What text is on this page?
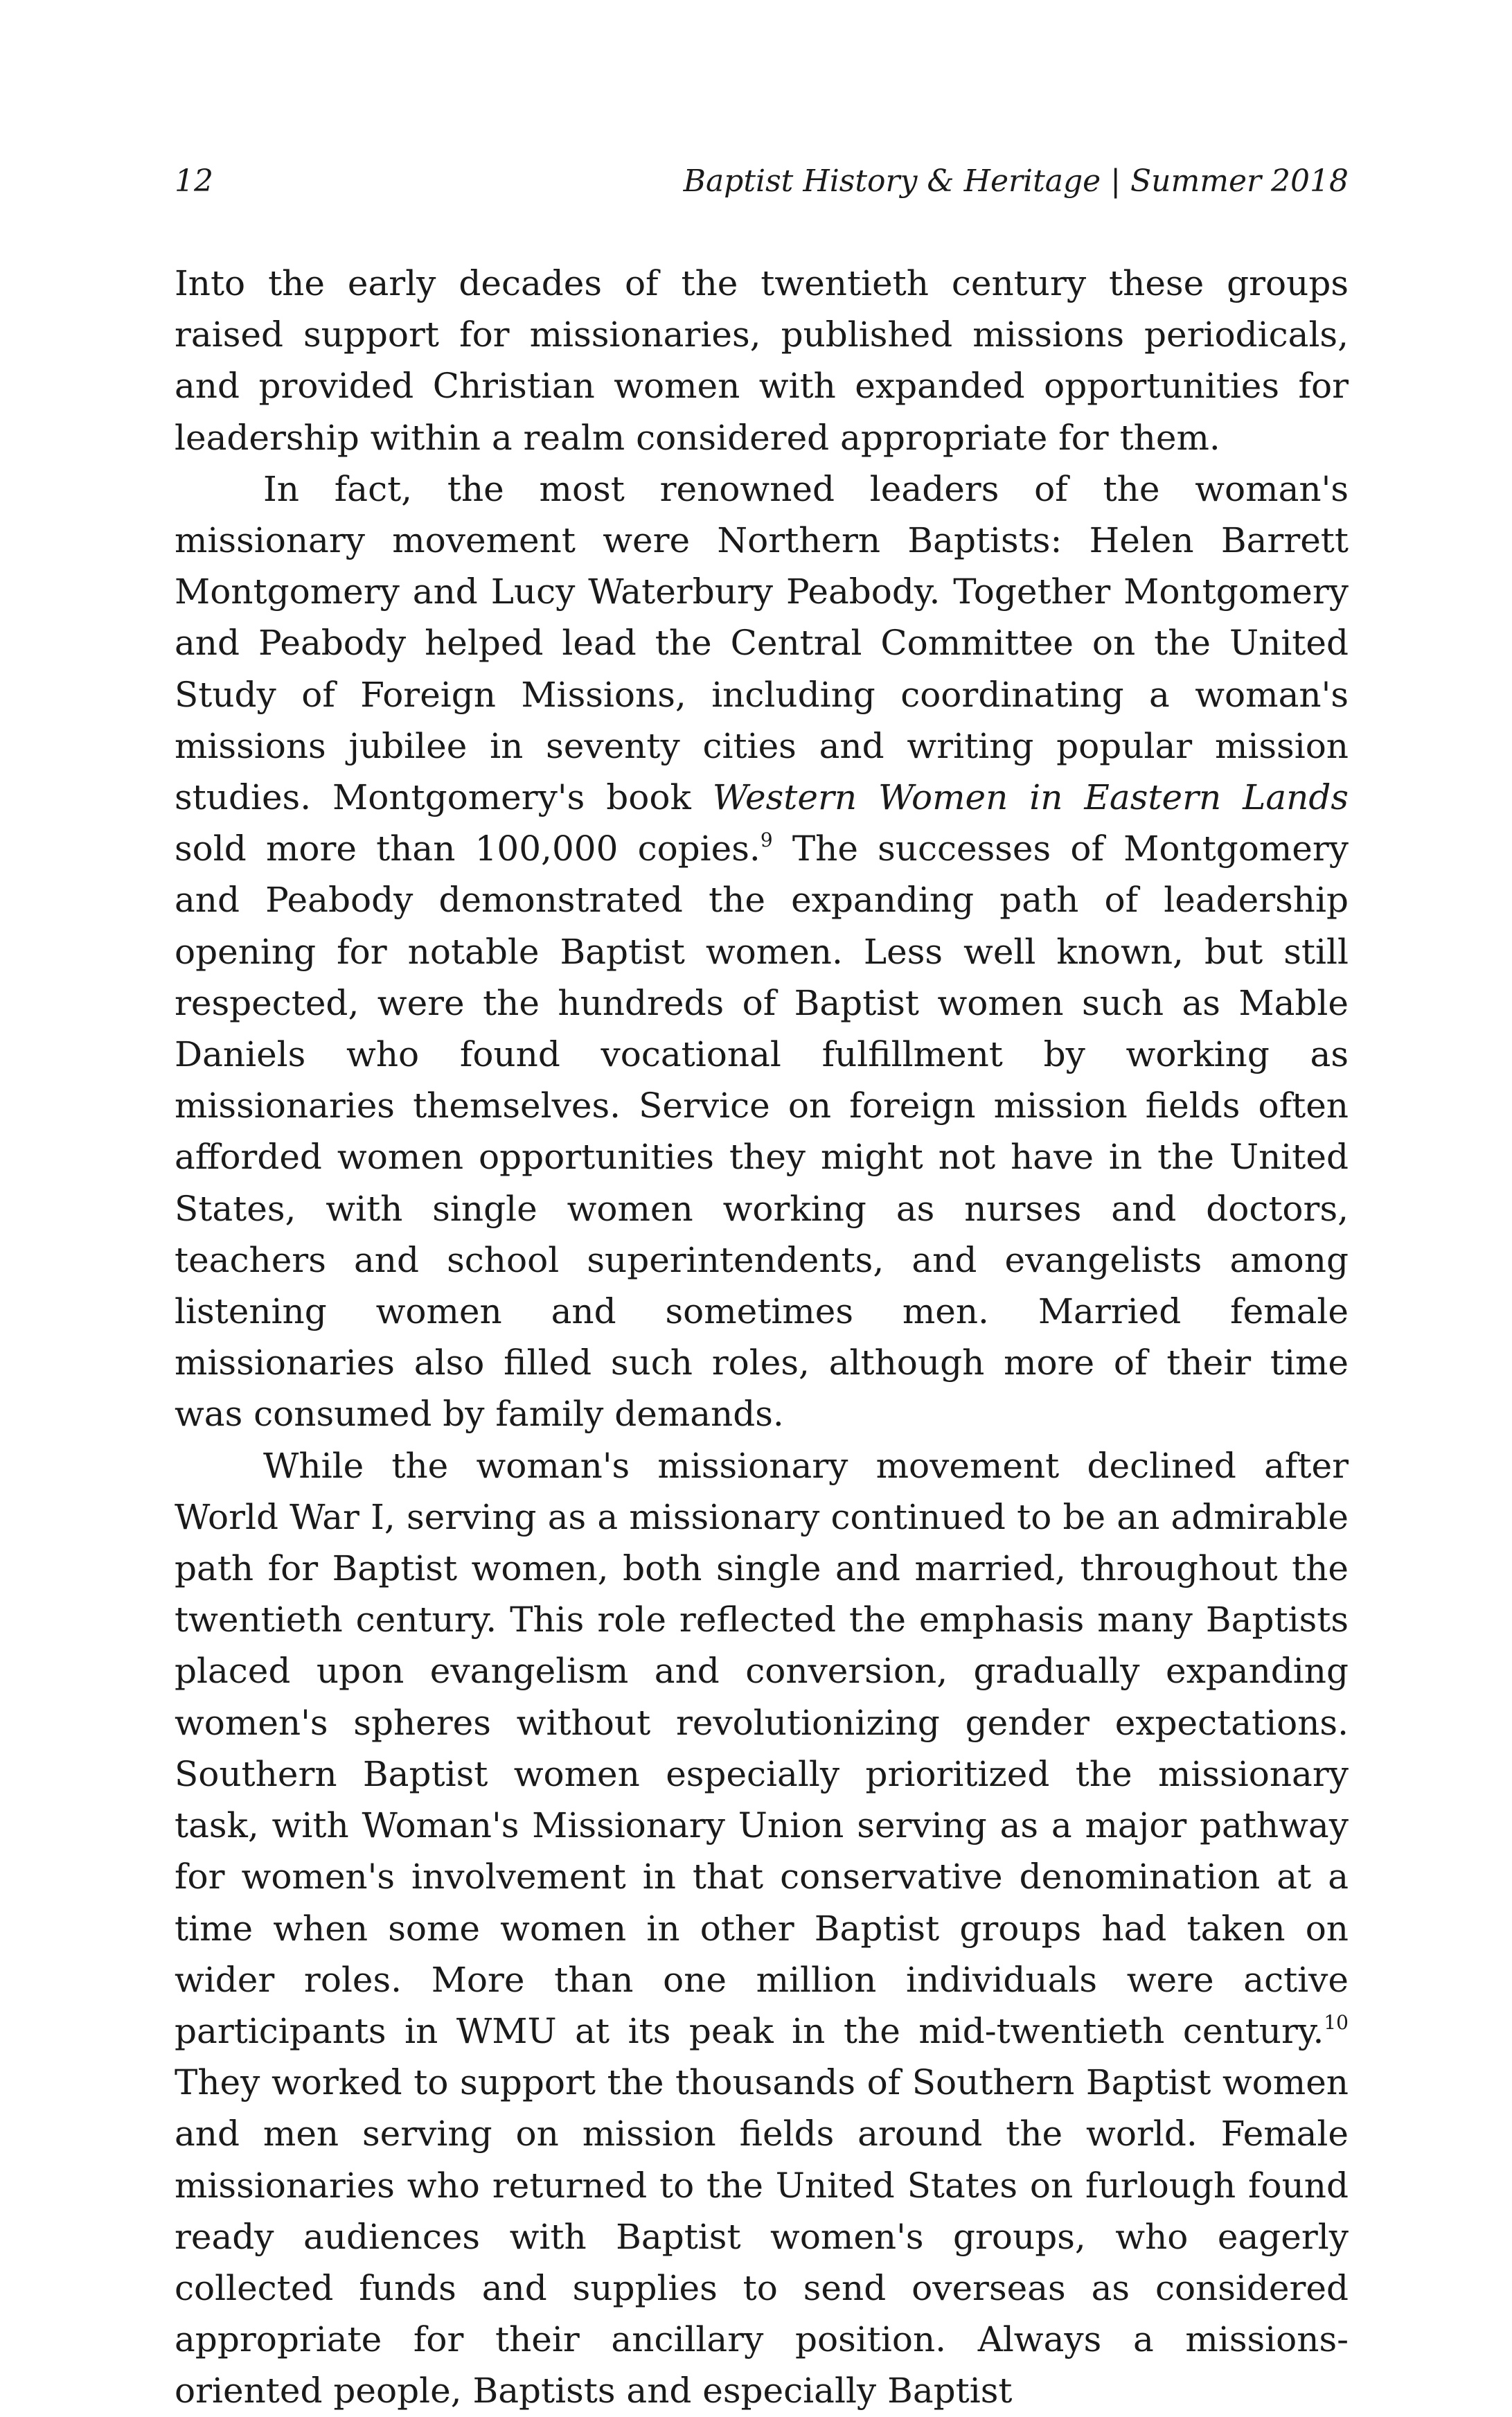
12	Baptist History & Heritage | Summer 2018

Into the early decades of the twentieth century these groups raised support for missionaries, published missions periodicals, and provided Christian women with expanded opportunities for leadership within a realm considered appropriate for them.

In fact, the most renowned leaders of the woman's missionary movement were Northern Baptists: Helen Barrett Montgomery and Lucy Waterbury Peabody. Together Montgomery and Peabody helped lead the Central Committee on the United Study of Foreign Missions, including coordinating a woman's missions jubilee in seventy cities and writing popular mission studies. Montgomery's book Western Women in Eastern Lands sold more than 100,000 copies.$^9$ The successes of Montgomery and Peabody demonstrated the expanding path of leadership opening for notable Baptist women. Less well known, but still respected, were the hundreds of Baptist women such as Mable Daniels who found vocational fulfillment by working as missionaries themselves. Service on foreign mission fields often afforded women opportunities they might not have in the United States, with single women working as nurses and doctors, teachers and school superintendents, and evangelists among listening women and sometimes men. Married female missionaries also filled such roles, although more of their time was consumed by family demands.

While the woman's missionary movement declined after World War I, serving as a missionary continued to be an admirable path for Baptist women, both single and married, throughout the twentieth century. This role reflected the emphasis many Baptists placed upon evangelism and conversion, gradually expanding women's spheres without revolutionizing gender expectations. Southern Baptist women especially prioritized the missionary task, with Woman's Missionary Union serving as a major pathway for women's involvement in that conservative denomination at a time when some women in other Baptist groups had taken on wider roles. More than one million individuals were active participants in WMU at its peak in the mid-twentieth century.$^{10}$ They worked to support the thousands of Southern Baptist women and men serving on mission fields around the world. Female missionaries who returned to the United States on furlough found ready audiences with Baptist women's groups, who eagerly collected funds and supplies to send overseas as considered appropriate for their ancillary position. Always a missions-oriented people, Baptists and especially Baptist
